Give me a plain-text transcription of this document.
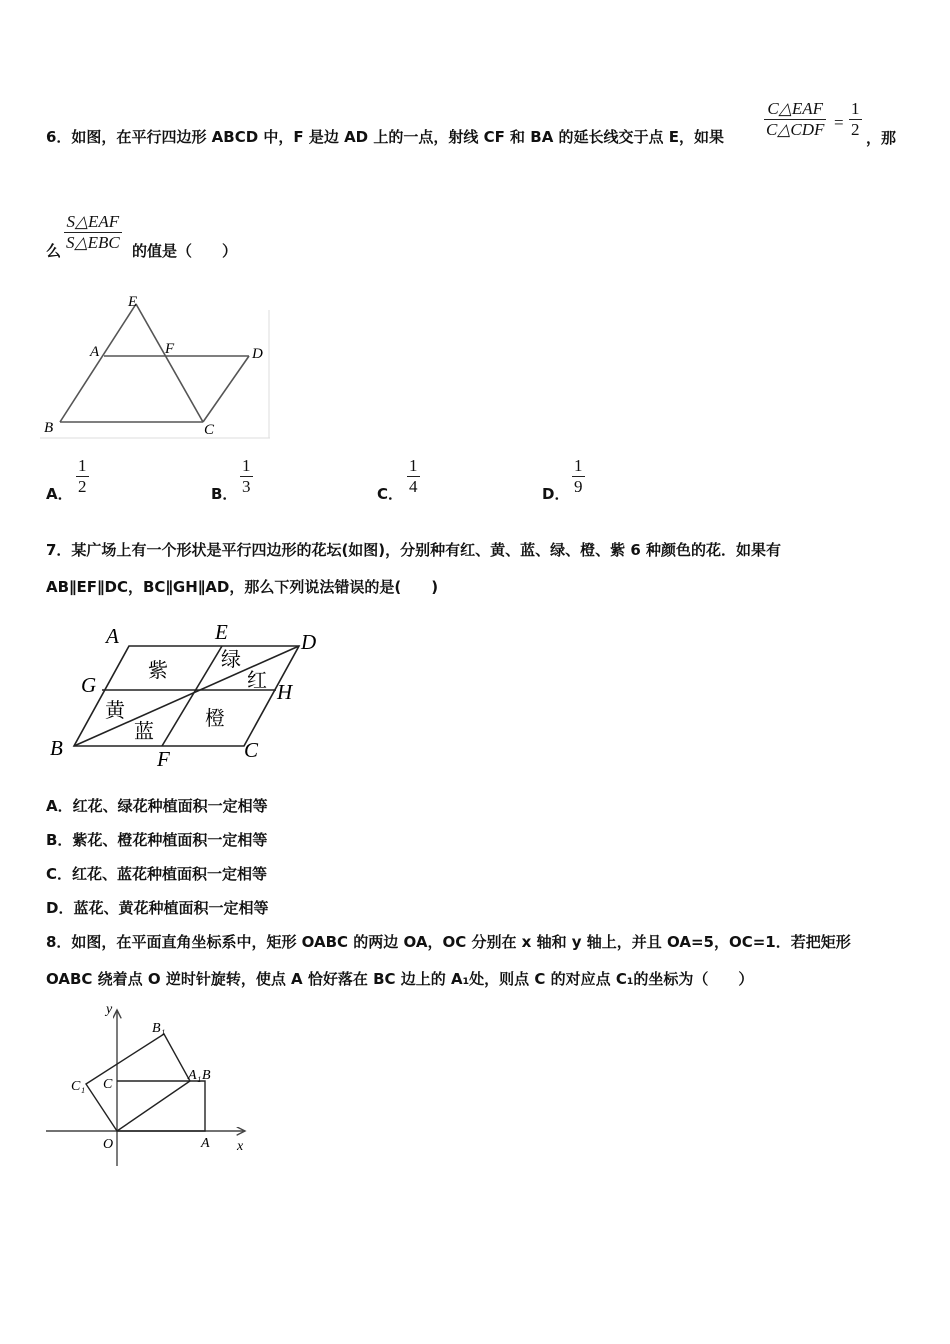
6．如图，在平行四边形 ABCD 中，F 是边 AD 上的一点，射线 CF 和 BA 的延长线交于点 E，如果
C△EAF
C△CDF =
1
2 ，那
么
S△EAF
S△EBC 的值是（　　）
E
A	F	D
B	C
A．
1
2	B．
1
3	C．
1
4	D．
1
9
7．某广场上有一个形状是平行四边形的花坛(如图)，分别种有红、黄、蓝、绿、橙、紫 6 种颜色的花．如果有
AB∥EF∥DC，BC∥GH∥AD，那么下列说法错误的是(　　)
A	E	D
G	H
B	F	C
紫	绿
红
黄
蓝
橙
A．红花、绿花种植面积一定相等
B．紫花、橙花种植面积一定相等
C．红花、蓝花种植面积一定相等
D．蓝花、黄花种植面积一定相等
8．如图，在平面直角坐标系中，矩形 OABC 的两边 OA，OC 分别在 x 轴和 y 轴上，并且 OA=5，OC=1．若把矩形
OABC 绕着点 O 逆时针旋转，使点 A 恰好落在 BC 边上的 A₁处，则点 C 的对应点 C₁的坐标为（　　）
y
B₁
C₁ C
A₁ B
O	A x
